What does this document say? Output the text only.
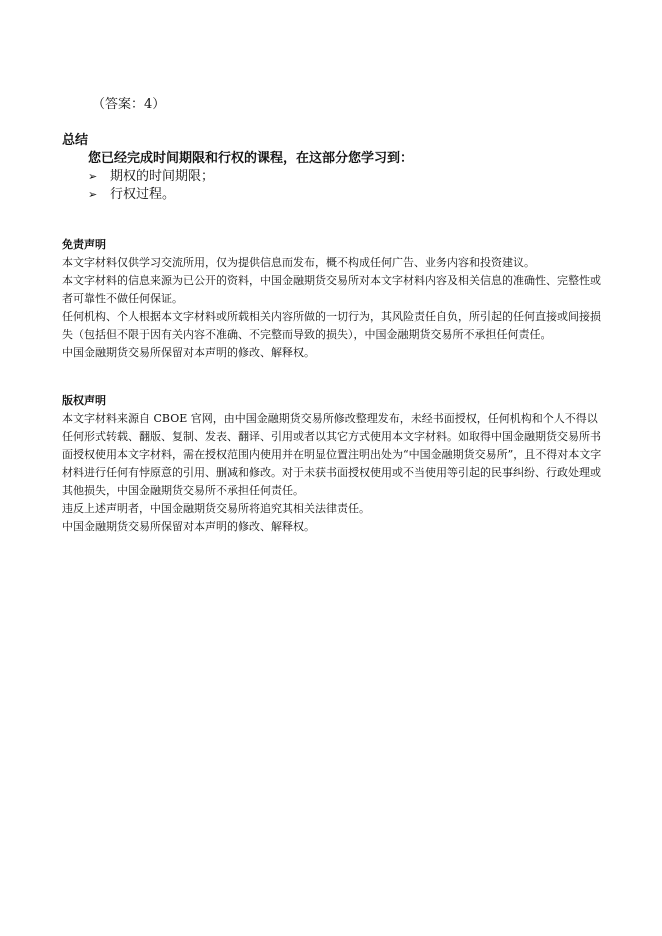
（答案：4）
总结
您已经完成时间期限和行权的课程，在这部分您学习到：
➢ 期权的时间期限；
➢ 行权过程。
免责声明

本文字材料仅供学习交流所用，仅为提供信息而发布，概不构成任何广告、业务内容和投资建议。

本文字材料的信息来源为已公开的资料，中国金融期货交易所对本文字材料内容及相关信息的准确性、完整性或者可靠性不做任何保证。

任何机构、个人根据本文字材料或所载相关内容所做的一切行为，其风险责任自负，所引起的任何直接或间接损失（包括但不限于因有关内容不准确、不完整而导致的损失），中国金融期货交易所不承担任何责任。

中国金融期货交易所保留对本声明的修改、解释权。

版权声明

本文字材料来源自 CBOE 官网，由中国金融期货交易所修改整理发布，未经书面授权，任何机构和个人不得以任何形式转载、翻版、复制、发表、翻译、引用或者以其它方式使用本文字材料。如取得中国金融期货交易所书面授权使用本文字材料，需在授权范围内使用并在明显位置注明出处为“中国金融期货交易所”，且不得对本文字材料进行任何有悖原意的引用、删减和修改。对于未获书面授权使用或不当使用等引起的民事纠纷、行政处理或其他损失，中国金融期货交易所不承担任何责任。

违反上述声明者，中国金融期货交易所将追究其相关法律责任。

中国金融期货交易所保留对本声明的修改、解释权。
